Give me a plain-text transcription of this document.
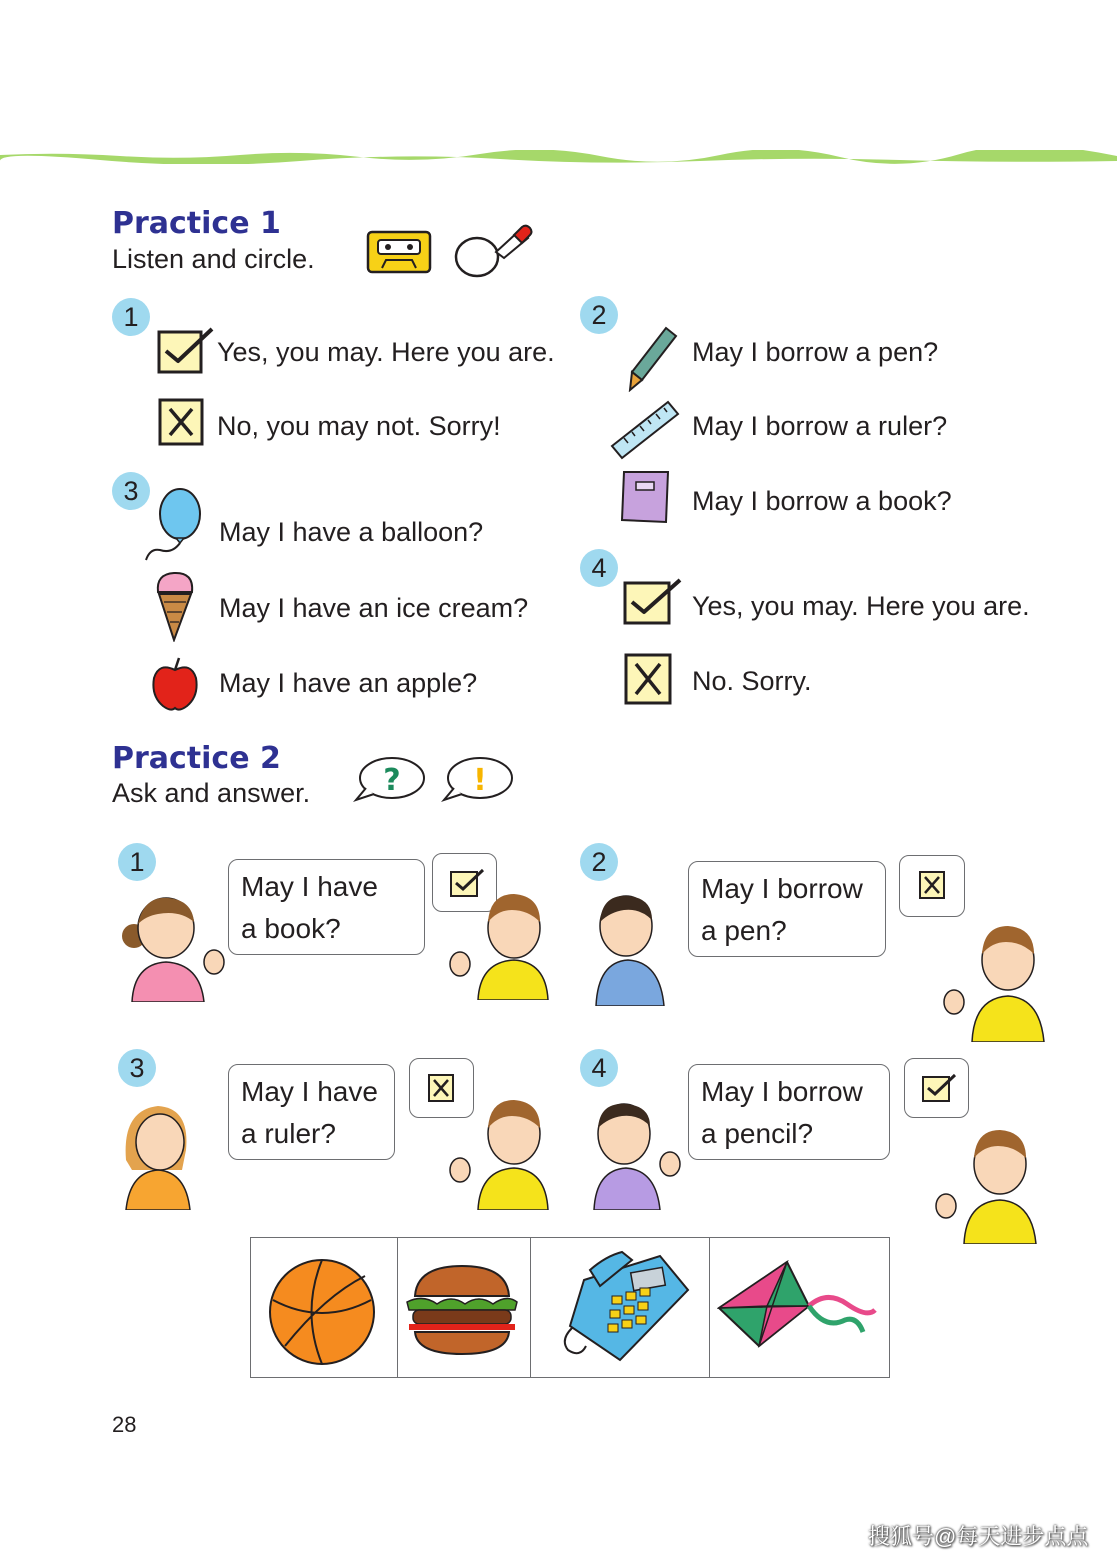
Practice 1
Listen and circle.
1
Yes, you may. Here you are.
No, you may not. Sorry!
2
May I borrow a pen?
May I borrow a ruler?
May I borrow a book?
3
May I have a balloon?
May I have an ice cream?
May I have an apple?
4
Yes, you may. Here you are.
No. Sorry.
Practice 2
Ask and answer. ? !
1
May I have
a book?
2
May I borrow
a pen?
3
May I have
a ruler?
4
May I borrow
a pencil?
28
搜狐号@每天进步点点
